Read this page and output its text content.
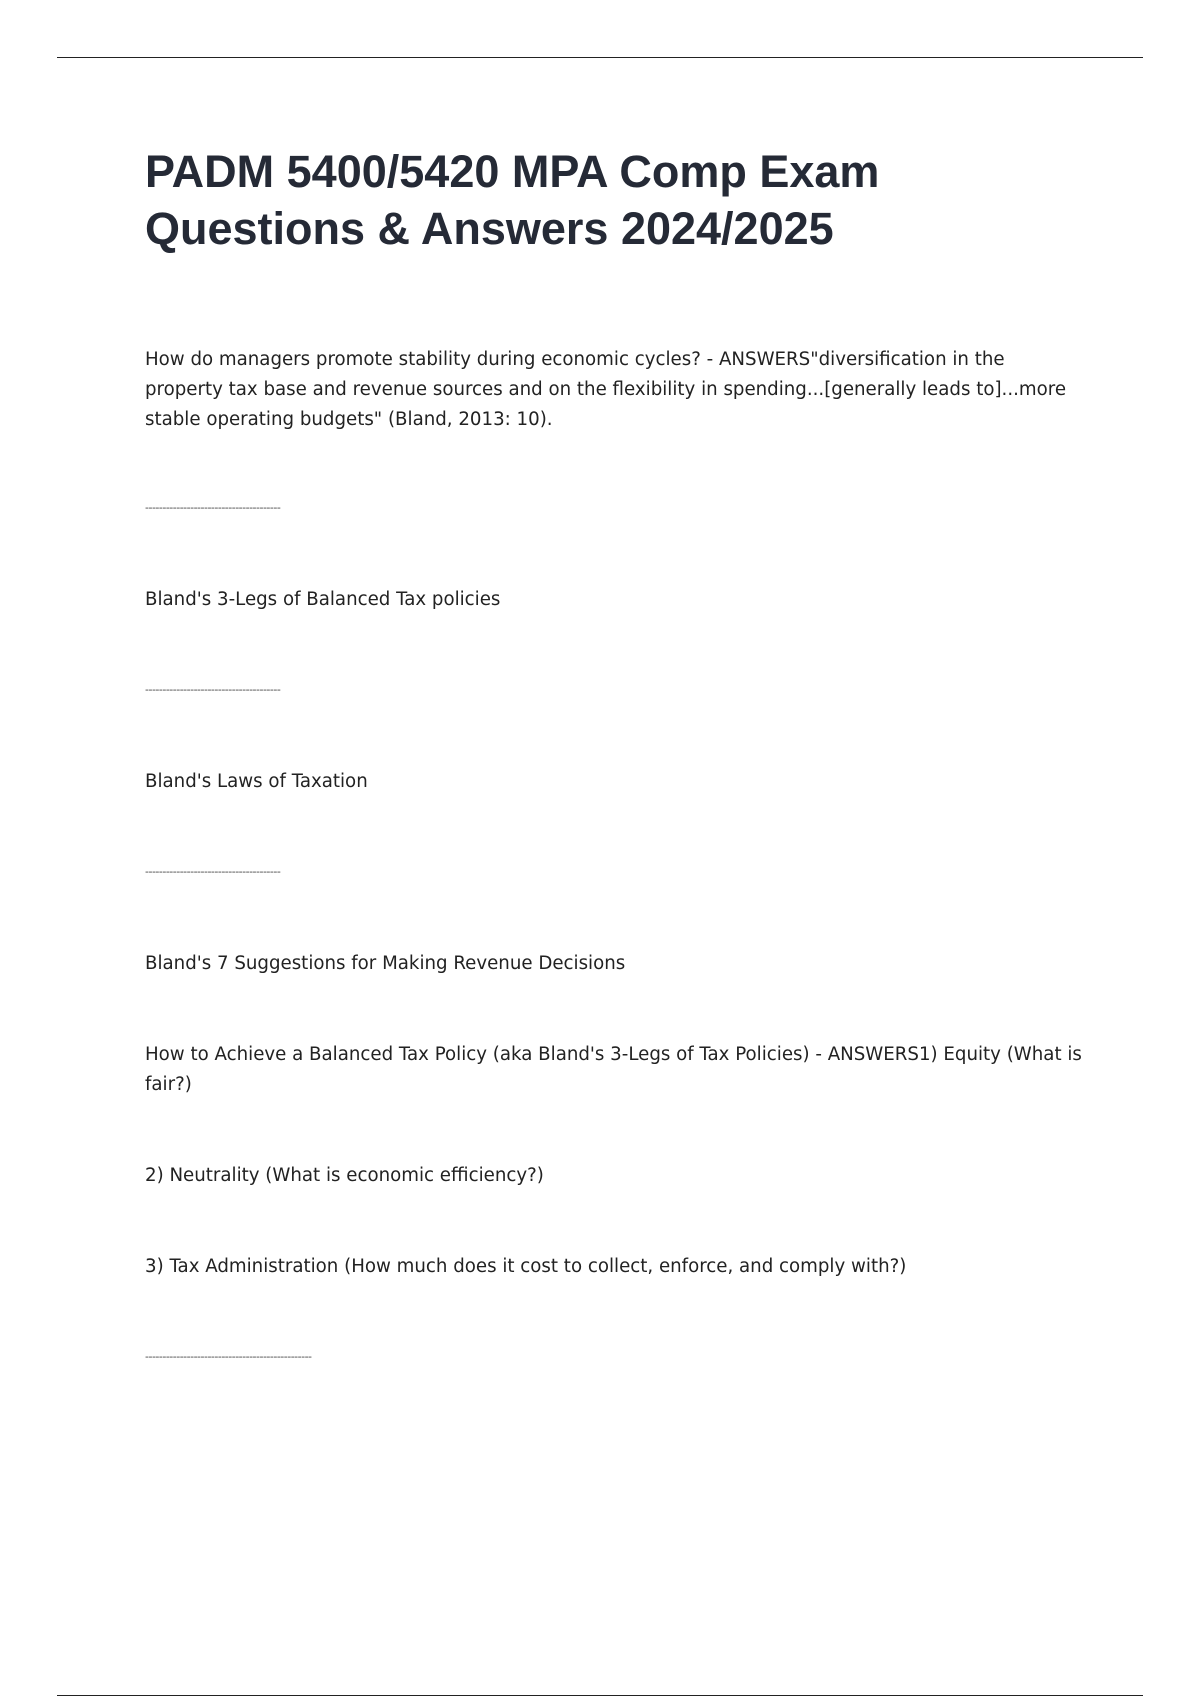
PADM 5400/5420 MPA Comp Exam Questions & Answers 2024/2025

How do managers promote stability during economic cycles? - ANSWERS"diversification in the property tax base and revenue sources and on the flexibility in spending...[generally leads to]...more stable operating budgets" (Bland, 2013: 10).

---------------------------------------

Bland's 3-Legs of Balanced Tax policies

---------------------------------------

Bland's Laws of Taxation

---------------------------------------

Bland's 7 Suggestions for Making Revenue Decisions

How to Achieve a Balanced Tax Policy (aka Bland's 3-Legs of Tax Policies) - ANSWERS1) Equity (What is fair?)

2) Neutrality (What is economic efficiency?)

3) Tax Administration (How much does it cost to collect, enforce, and comply with?)

------------------------------------------------
